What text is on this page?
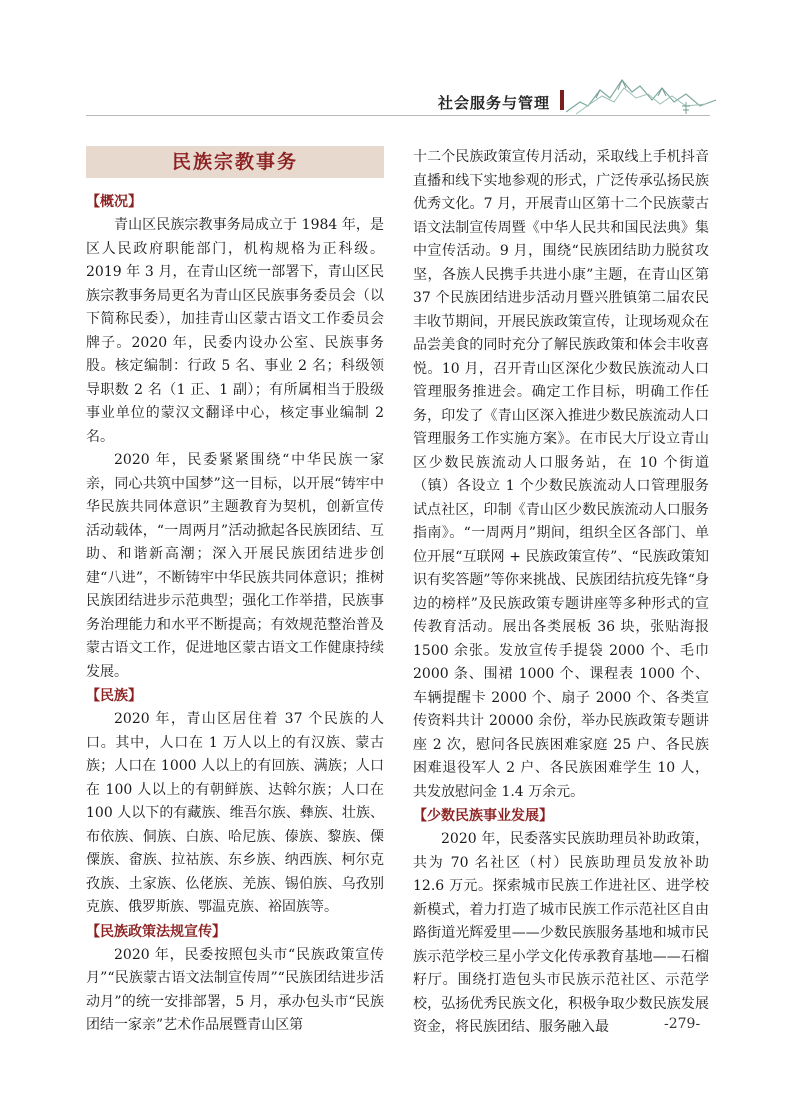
社会服务与管理
民族宗教事务

【概况】

青山区民族宗教事务局成立于 1984 年，是区人民政府职能部门，机构规格为正科级。2019 年 3 月，在青山区统一部署下，青山区民族宗教事务局更名为青山区民族事务委员会（以下简称民委），加挂青山区蒙古语文工作委员会牌子。2020 年，民委内设办公室、民族事务股。核定编制：行政 5 名、事业 2 名；科级领导职数 2 名（1 正、1 副）；有所属相当于股级事业单位的蒙汉文翻译中心，核定事业编制 2 名。

2020 年，民委紧紧围绕“中华民族一家亲，同心共筑中国梦”这一目标，以开展“铸牢中华民族共同体意识”主题教育为契机，创新宣传活动载体，“一周两月”活动掀起各民族团结、互助、和谐新高潮；深入开展民族团结进步创建“八进”，不断铸牢中华民族共同体意识；推树民族团结进步示范典型；强化工作举措，民族事务治理能力和水平不断提高；有效规范整治普及蒙古语文工作，促进地区蒙古语文工作健康持续发展。

【民族】

2020 年，青山区居住着 37 个民族的人口。其中，人口在 1 万人以上的有汉族、蒙古族；人口在 1000 人以上的有回族、满族；人口在 100 人以上的有朝鲜族、达斡尔族；人口在 100 人以下的有藏族、维吾尔族、彝族、壮族、布依族、侗族、白族、哈尼族、傣族、黎族、傈僳族、畲族、拉祜族、东乡族、纳西族、柯尔克孜族、土家族、仫佬族、羌族、锡伯族、乌孜别克族、俄罗斯族、鄂温克族、裕固族等。

【民族政策法规宣传】

2020 年，民委按照包头市“民族政策宣传月”“民族蒙古语文法制宣传周”“民族团结进步活动月”的统一安排部署，5 月，承办包头市“民族团结一家亲”艺术作品展暨青山区第

十二个民族政策宣传月活动，采取线上手机抖音直播和线下实地参观的形式，广泛传承弘扬民族优秀文化。7 月，开展青山区第十二个民族蒙古语文法制宣传周暨《中华人民共和国民法典》集中宣传活动。9 月，围绕“民族团结助力脱贫攻坚，各族人民携手共进小康”主题，在青山区第 37 个民族团结进步活动月暨兴胜镇第二届农民丰收节期间，开展民族政策宣传，让现场观众在品尝美食的同时充分了解民族政策和体会丰收喜悦。10 月，召开青山区深化少数民族流动人口管理服务推进会。确定工作目标，明确工作任务，印发了《青山区深入推进少数民族流动人口管理服务工作实施方案》。在市民大厅设立青山区少数民族流动人口服务站，在 10 个街道（镇）各设立 1 个少数民族流动人口管理服务试点社区，印制《青山区少数民族流动人口服务指南》。“一周两月”期间，组织全区各部门、单位开展“互联网 + 民族政策宣传”、“民族政策知识有奖答题”等你来挑战、民族团结抗疫先锋“身边的榜样”及民族政策专题讲座等多种形式的宣传教育活动。展出各类展板 36 块，张贴海报 1500 余张。发放宣传手提袋 2000 个、毛巾 2000 条、围裙 1000 个、课程表 1000 个、车辆提醒卡 2000 个、扇子 2000 个、各类宣传资料共计 20000 余份，举办民族政策专题讲座 2 次，慰问各民族困难家庭 25 户、各民族困难退役军人 2 户、各民族困难学生 10 人，共发放慰问金 1.4 万余元。

【少数民族事业发展】

2020 年，民委落实民族助理员补助政策，共为 70 名社区（村）民族助理员发放补助 12.6 万元。探索城市民族工作进社区、进学校新模式，着力打造了城市民族工作示范社区自由路街道光辉爱里——少数民族服务基地和城市民族示范学校三星小学文化传承教育基地——石榴籽厅。围绕打造包头市民族示范社区、示范学校，弘扬优秀民族文化，积极争取少数民族发展资金，将民族团结、服务融入最	-279-
